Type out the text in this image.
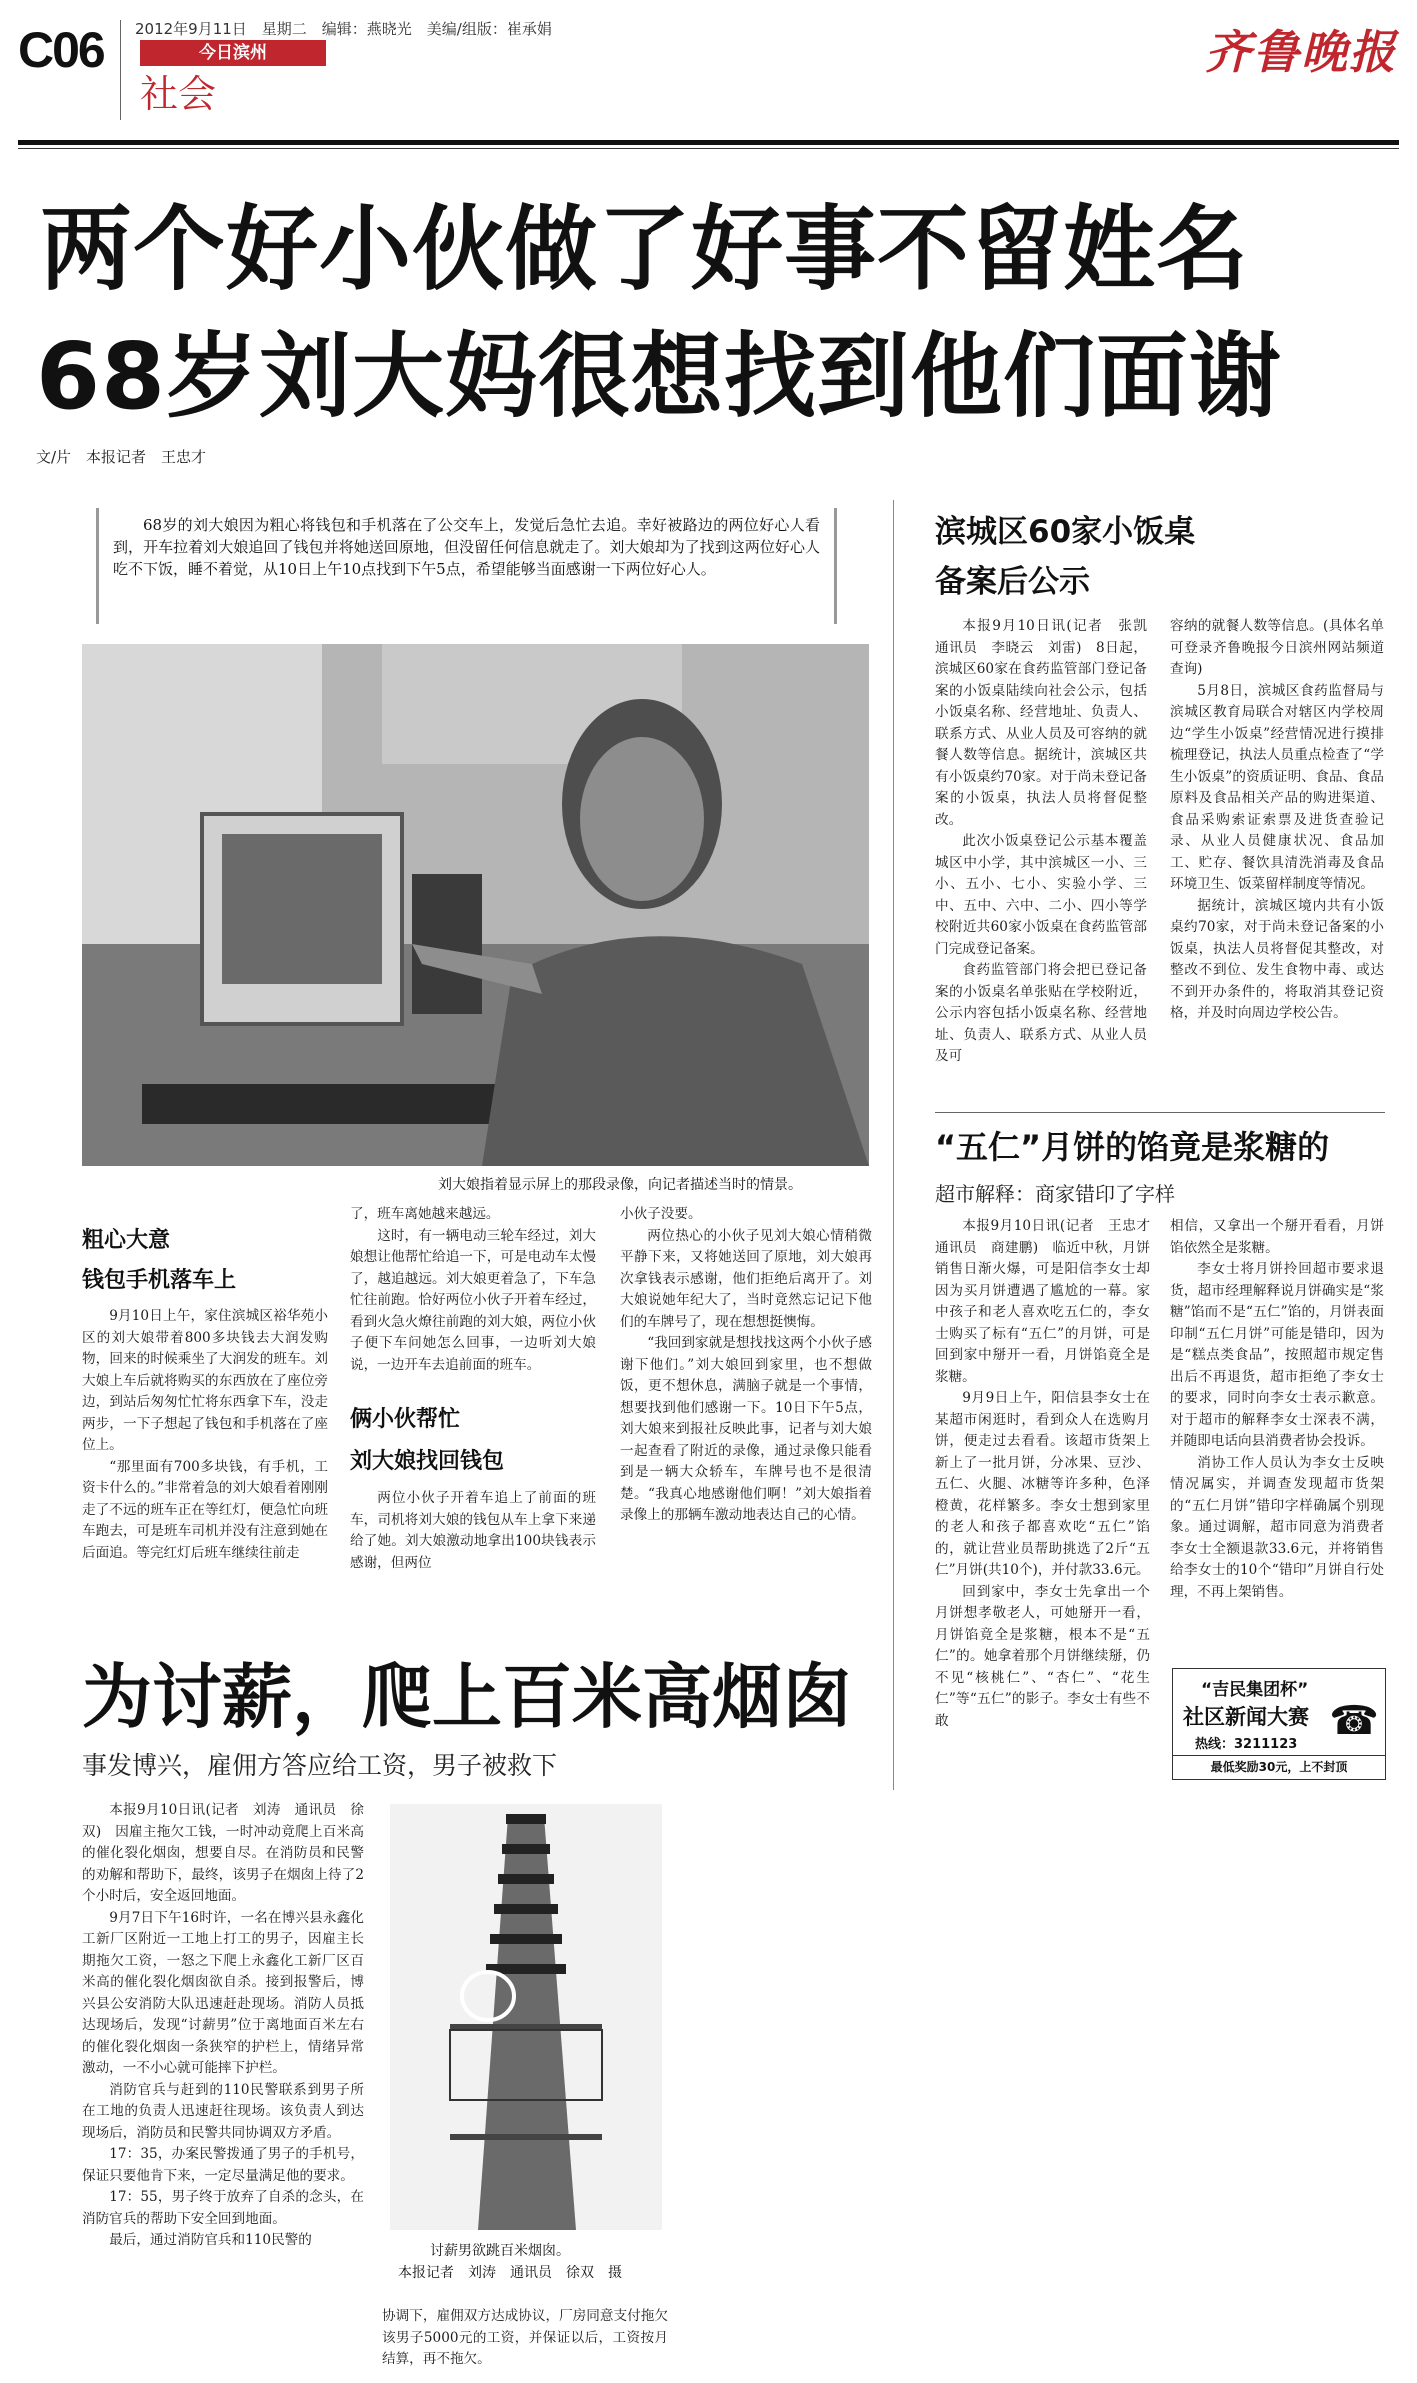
C06 2012年9月11日　星期二　编辑：燕晓光　美编/组版：崔承娟
今日滨州
社会
齐鲁晚报
两个好小伙做了好事不留姓名
68岁刘大妈很想找到他们面谢
文/片　本报记者　王忠才
68岁的刘大娘因为粗心将钱包和手机落在了公交车上，发觉后急忙去追。幸好被路边的两位好心人看到，开车拉着刘大娘追回了钱包并将她送回原地，但没留任何信息就走了。刘大娘却为了找到这两位好心人吃不下饭，睡不着觉，从10日上午10点找到下午5点，希望能够当面感谢一下两位好心人。
刘大娘指着显示屏上的那段录像，向记者描述当时的情景。
粗心大意
钱包手机落车上

9月10日上午，家住滨城区裕华苑小区的刘大娘带着800多块钱去大润发购物，回来的时候乘坐了大润发的班车。刘大娘上车后就将购买的东西放在了座位旁边，到站后匆匆忙忙将东西拿下车，没走两步，一下子想起了钱包和手机落在了座位上。

“那里面有700多块钱，有手机，工资卡什么的。”非常着急的刘大娘看着刚刚走了不远的班车正在等红灯，便急忙向班车跑去，可是班车司机并没有注意到她在后面追。等完红灯后班车继续往前走

了，班车离她越来越远。

这时，有一辆电动三轮车经过，刘大娘想让他帮忙给追一下，可是电动车太慢了，越追越远。刘大娘更着急了，下车急忙往前跑。恰好两位小伙子开着车经过，看到火急火燎往前跑的刘大娘，两位小伙子便下车问她怎么回事，一边听刘大娘说，一边开车去追前面的班车。

俩小伙帮忙
刘大娘找回钱包

两位小伙子开着车追上了前面的班车，司机将刘大娘的钱包从车上拿下来递给了她。刘大娘激动地拿出100块钱表示感谢，但两位

小伙子没要。

两位热心的小伙子见刘大娘心情稍微平静下来，又将她送回了原地，刘大娘再次拿钱表示感谢，他们拒绝后离开了。刘大娘说她年纪大了，当时竟然忘记记下他们的车牌号了，现在想想挺懊悔。

“我回到家就是想找找这两个小伙子感谢下他们。”刘大娘回到家里，也不想做饭，更不想休息，满脑子就是一个事情，想要找到他们感谢一下。10日下午5点，刘大娘来到报社反映此事，记者与刘大娘一起查看了附近的录像，通过录像只能看到是一辆大众轿车，车牌号也不是很清楚。“我真心地感谢他们啊！”刘大娘指着录像上的那辆车激动地表达自己的心情。

滨城区60家小饭桌
备案后公示

本报9月10日讯(记者　张凯　通讯员　李晓云　刘雷)　8日起，滨城区60家在食药监管部门登记备案的小饭桌陆续向社会公示，包括小饭桌名称、经营地址、负责人、联系方式、从业人员及可容纳的就餐人数等信息。据统计，滨城区共有小饭桌约70家。对于尚未登记备案的小饭桌，执法人员将督促整改。

此次小饭桌登记公示基本覆盖城区中小学，其中滨城区一小、三小、五小、七小、实验小学、三中、五中、六中、二小、四小等学校附近共60家小饭桌在食药监管部门完成登记备案。

食药监管部门将会把已登记备案的小饭桌名单张贴在学校附近，公示内容包括小饭桌名称、经营地址、负责人、联系方式、从业人员及可

容纳的就餐人数等信息。(具体名单可登录齐鲁晚报今日滨州网站频道查询)

5月8日，滨城区食药监督局与滨城区教育局联合对辖区内学校周边“学生小饭桌”经营情况进行摸排梳理登记，执法人员重点检查了“学生小饭桌”的资质证明、食品、食品原料及食品相关产品的购进渠道、食品采购索证索票及进货查验记录、从业人员健康状况、食品加工、贮存、餐饮具清洗消毒及食品环境卫生、饭菜留样制度等情况。

据统计，滨城区境内共有小饭桌约70家，对于尚未登记备案的小饭桌，执法人员将督促其整改，对整改不到位、发生食物中毒、或达不到开办条件的，将取消其登记资格，并及时向周边学校公告。

“五仁”月饼的馅竟是浆糖的
超市解释：商家错印了字样

本报9月10日讯(记者　王忠才　通讯员　商建鹏)　临近中秋，月饼销售日渐火爆，可是阳信李女士却因为买月饼遭遇了尴尬的一幕。家中孩子和老人喜欢吃五仁的，李女士购买了标有“五仁”的月饼，可是回到家中掰开一看，月饼馅竟全是浆糖。

9月9日上午，阳信县李女士在某超市闲逛时，看到众人在选购月饼，便走过去看看。该超市货架上新上了一批月饼，分冰果、豆沙、五仁、火腿、冰糖等许多种，色泽橙黄，花样繁多。李女士想到家里的老人和孩子都喜欢吃“五仁”馅的，就让营业员帮助挑选了2斤“五仁”月饼(共10个)，并付款33.6元。

回到家中，李女士先拿出一个月饼想孝敬老人，可她掰开一看，月饼馅竟全是浆糖，根本不是“五仁”的。她拿着那个月饼继续掰，仍不见“核桃仁”、“杏仁”、“花生仁”等“五仁”的影子。李女士有些不敢

相信，又拿出一个掰开看看，月饼馅依然全是浆糖。

李女士将月饼拎回超市要求退货，超市经理解释说月饼确实是“浆糖”馅而不是“五仁”馅的，月饼表面印制“五仁月饼”可能是错印，因为是“糕点类食品”，按照超市规定售出后不再退货，超市拒绝了李女士的要求，同时向李女士表示歉意。对于超市的解释李女士深表不满，并随即电话向县消费者协会投诉。

消协工作人员认为李女士反映情况属实，并调查发现超市货架的“五仁月饼”错印字样确属个别现象。通过调解，超市同意为消费者李女士全额退款33.6元，并将销售给李女士的10个“错印”月饼自行处理，不再上架销售。

“吉民集团杯”
社区新闻大赛
热线：3211123
☎
最低奖励30元，上不封顶
为讨薪，爬上百米高烟囱
事发博兴，雇佣方答应给工资，男子被救下

本报9月10日讯(记者　刘涛　通讯员　徐双)　因雇主拖欠工钱，一时冲动竟爬上百米高的催化裂化烟囱，想要自尽。在消防员和民警的劝解和帮助下，最终，该男子在烟囱上待了2个小时后，安全返回地面。

9月7日下午16时许，一名在博兴县永鑫化工新厂区附近一工地上打工的男子，因雇主长期拖欠工资，一怒之下爬上永鑫化工新厂区百米高的催化裂化烟囱欲自杀。接到报警后，博兴县公安消防大队迅速赶赴现场。消防人员抵达现场后，发现“讨薪男”位于离地面百米左右的催化裂化烟囱一条狭窄的护栏上，情绪异常激动，一不小心就可能摔下护栏。

消防官兵与赶到的110民警联系到男子所在工地的负责人迅速赶往现场。该负责人到达现场后，消防员和民警共同协调双方矛盾。

17：35，办案民警拨通了男子的手机号，保证只要他肯下来，一定尽量满足他的要求。

17：55，男子终于放弃了自杀的念头，在消防官兵的帮助下安全回到地面。

最后，通过消防官兵和110民警的

讨薪男欲跳百米烟囱。
本报记者　刘涛　通讯员　徐双　摄

协调下，雇佣双方达成协议，厂房同意支付拖欠该男子5000元的工资，并保证以后，工资按月结算，再不拖欠。
